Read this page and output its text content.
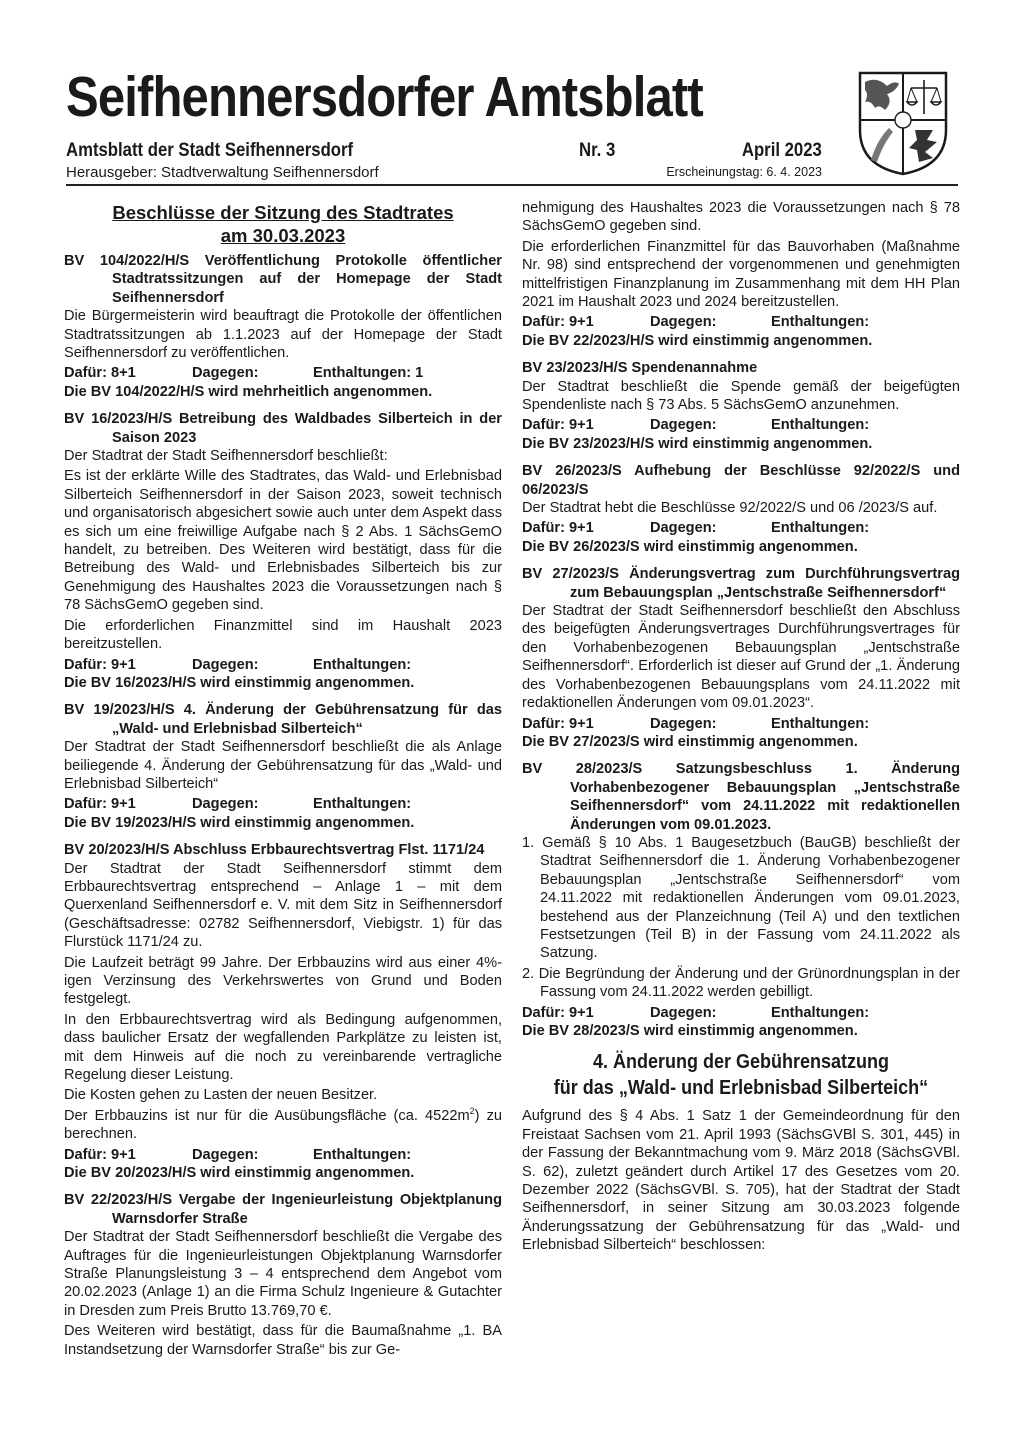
Seifhennersdorfer Amtsblatt
Amtsblatt der Stadt Seifhennersdorf	Nr. 3	April 2023
Herausgeber: Stadtverwaltung Seifhennersdorf	Erscheinungstag: 6. 4. 2023
Beschlüsse der Sitzung des Stadtrates
am 30.03.2023
BV 104/2022/H/S Veröffentlichung Protokolle öffentlicher Stadtratssitzungen auf der Homepage der Stadt Seifhennersdorf
Die Bürgermeisterin wird beauftragt die Protokolle der öffentlichen Stadtratssitzungen ab 1.1.2023 auf der Homepage der Stadt Seifhennersdorf zu veröffentlichen.
Dafür: 8+1	Dagegen:	Enthaltungen: 1
Die BV 104/2022/H/S wird mehrheitlich angenommen.
BV 16/2023/H/S Betreibung des Waldbades Silberteich in der Saison 2023
Der Stadtrat der Stadt Seifhennersdorf beschließt:
Es ist der erklärte Wille des Stadtrates, das Wald- und Erlebnisbad Silberteich Seifhennersdorf in der Saison 2023, soweit technisch und organisatorisch abgesichert sowie auch unter dem Aspekt dass es sich um eine freiwillige Aufgabe nach § 2 Abs. 1 SächsGemO handelt, zu betreiben. Des Weiteren wird bestätigt, dass für die Betreibung des Wald- und Erlebnisbades Silberteich bis zur Genehmigung des Haushaltes 2023 die Voraussetzungen nach § 78 SächsGemO gegeben sind.
Die erforderlichen Finanzmittel sind im Haushalt 2023 bereitzustellen.
Dafür: 9+1	Dagegen:	Enthaltungen:
Die BV 16/2023/H/S wird einstimmig angenommen.
BV 19/2023/H/S 4. Änderung der Gebührensatzung für das „Wald- und Erlebnisbad Silberteich“
Der Stadtrat der Stadt Seifhennersdorf beschließt die als Anlage beiliegende 4. Änderung der Gebührensatzung für das „Wald- und Erlebnisbad Silberteich“
Dafür: 9+1	Dagegen:	Enthaltungen:
Die BV 19/2023/H/S wird einstimmig angenommen.
BV 20/2023/H/S Abschluss Erbbaurechtsvertrag Flst. 1171/24
Der Stadtrat der Stadt Seifhennersdorf stimmt dem Erbbaurechtsvertrag entsprechend – Anlage 1 – mit dem Querxenland Seifhennersdorf e. V. mit dem Sitz in Seifhennersdorf (Geschäftsadresse: 02782 Seifhennersdorf, Viebigstr. 1) für das Flurstück 1171/24 zu.
Die Laufzeit beträgt 99 Jahre. Der Erbbauzins wird aus einer 4%-igen Verzinsung des Verkehrswertes von Grund und Boden festgelegt.
In den Erbbaurechtsvertrag wird als Bedingung aufgenommen, dass baulicher Ersatz der wegfallenden Parkplätze zu leisten ist, mit dem Hinweis auf die noch zu vereinbarende vertragliche Regelung dieser Leistung.
Die Kosten gehen zu Lasten der neuen Besitzer.
Der Erbbauzins ist nur für die Ausübungsfläche (ca. $4522m^2$) zu berechnen.
Dafür: 9+1	Dagegen:	Enthaltungen:
Die BV 20/2023/H/S wird einstimmig angenommen.
BV 22/2023/H/S Vergabe der Ingenieurleistung Objektplanung Warnsdorfer Straße
Der Stadtrat der Stadt Seifhennersdorf beschließt die Vergabe des Auftrages für die Ingenieurleistungen Objektplanung Warnsdorfer Straße Planungsleistung 3 – 4 entsprechend dem Angebot vom 20.02.2023 (Anlage 1) an die Firma Schulz Ingenieure & Gutachter in Dresden zum Preis Brutto 13.769,70 €.
Des Weiteren wird bestätigt, dass für die Baumaßnahme „1. BA Instandsetzung der Warnsdorfer Straße“ bis zur Ge-
nehmigung des Haushaltes 2023 die Voraussetzungen nach § 78 SächsGemO gegeben sind.
Die erforderlichen Finanzmittel für das Bauvorhaben (Maßnahme Nr. 98) sind entsprechend der vorgenommenen und genehmigten mittelfristigen Finanzplanung im Zusammenhang mit dem HH Plan 2021 im Haushalt 2023 und 2024 bereitzustellen.
Dafür: 9+1	Dagegen:	Enthaltungen:
Die BV 22/2023/H/S wird einstimmig angenommen.
BV 23/2023/H/S Spendenannahme
Der Stadtrat beschließt die Spende gemäß der beigefügten Spendenliste nach § 73 Abs. 5 SächsGemO anzunehmen.
Dafür: 9+1	Dagegen:	Enthaltungen:
Die BV 23/2023/H/S wird einstimmig angenommen.
BV 26/2023/S Aufhebung der Beschlüsse 92/2022/S und 06/2023/S
Der Stadtrat hebt die Beschlüsse 92/2022/S und 06 /2023/S auf.
Dafür: 9+1	Dagegen:	Enthaltungen:
Die BV 26/2023/S wird einstimmig angenommen.
BV 27/2023/S Änderungsvertrag zum Durchführungsvertrag zum Bebauungsplan „Jentschstraße Seifhennersdorf“
Der Stadtrat der Stadt Seifhennersdorf beschließt den Abschluss des beigefügten Änderungsvertrages Durchführungsvertrages für den Vorhabenbezogenen Bebauungsplan „Jentschstraße Seifhennersdorf“. Erforderlich ist dieser auf Grund der „1. Änderung des Vorhabenbezogenen Bebauungsplans vom 24.11.2022 mit redaktionellen Änderungen vom 09.01.2023“.
Dafür: 9+1	Dagegen:	Enthaltungen:
Die BV 27/2023/S wird einstimmig angenommen.
BV 28/2023/S Satzungsbeschluss 1. Änderung Vorhabenbezogener Bebauungsplan „Jentschstraße Seifhennersdorf“ vom 24.11.2022 mit redaktionellen Änderungen vom 09.01.2023.
1. Gemäß § 10 Abs. 1 Baugesetzbuch (BauGB) beschließt der Stadtrat Seifhennersdorf die 1. Änderung Vorhabenbezogener Bebauungsplan „Jentschstraße Seifhennersdorf“ vom 24.11.2022 mit redaktionellen Änderungen vom 09.01.2023, bestehend aus der Planzeichnung (Teil A) und den textlichen Festsetzungen (Teil B) in der Fassung vom 24.11.2022 als Satzung.
2. Die Begründung der Änderung und der Grünordnungsplan in der Fassung vom 24.11.2022 werden gebilligt.
Dafür: 9+1	Dagegen:	Enthaltungen:
Die BV 28/2023/S wird einstimmig angenommen.
4. Änderung der Gebührensatzung
für das „Wald- und Erlebnisbad Silberteich“
Aufgrund des § 4 Abs. 1 Satz 1 der Gemeindeordnung für den Freistaat Sachsen vom 21. April 1993 (SächsGVBl S. 301, 445) in der Fassung der Bekanntmachung vom 9. März 2018 (SächsGVBl. S. 62), zuletzt geändert durch Artikel 17 des Gesetzes vom 20. Dezember 2022 (SächsGVBl. S. 705), hat der Stadtrat der Stadt Seifhennersdorf, in seiner Sitzung am 30.03.2023 folgende Änderungssatzung der Gebührensatzung für das „Wald- und Erlebnisbad Silberteich“ beschlossen:
